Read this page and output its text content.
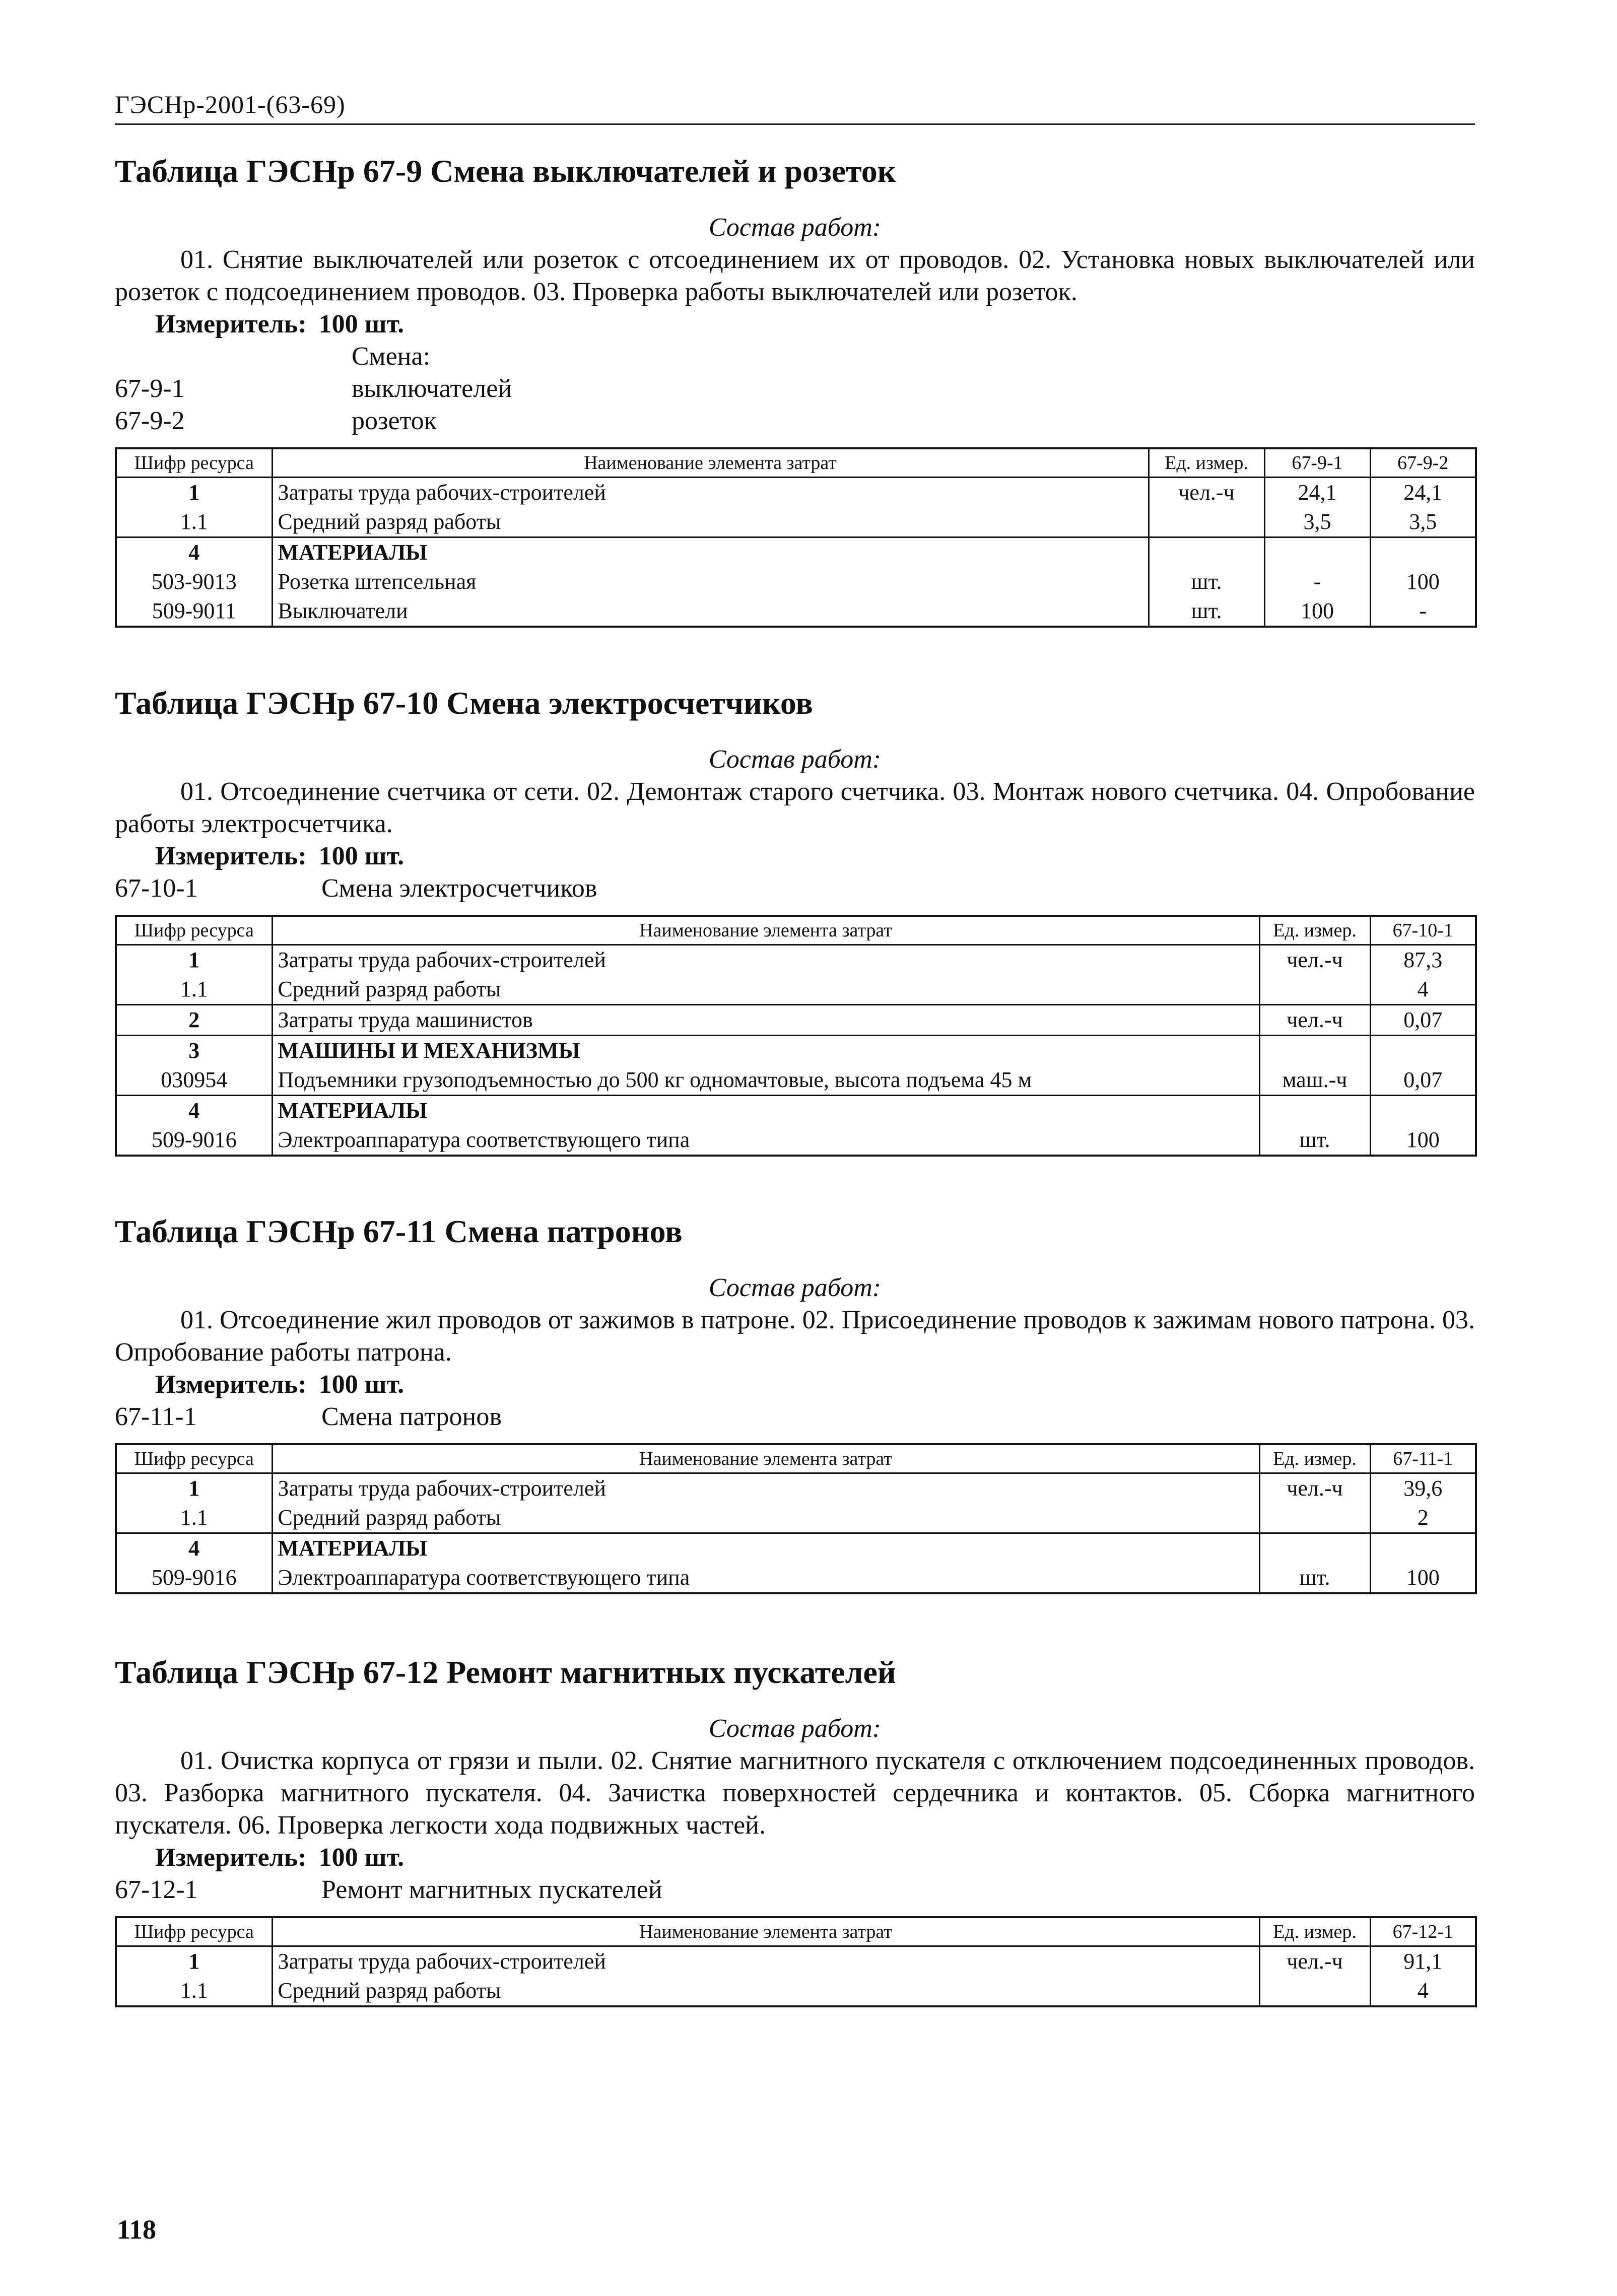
ГЭСНр-2001-(63-69)
Таблица ГЭСНр 67-9 Смена выключателей и розеток
Состав работ:

01. Снятие выключателей или розеток с отсоединением их от проводов. 02. Установка новых выключателей или розеток с подсоединением проводов. 03. Проверка работы выключателей или розеток.

Измеритель: 100 шт.
Смена:
67-9-1	выключателей
67-9-2	розеток
Шифр ресурса	Наименование элемента затрат	Ед. измер.	67-9-1	67-9-2
1	Затраты труда рабочих-строителей	чел.-ч	24,1	24,1
1.1	Средний разряд работы		3,5	3,5
4	МАТЕРИАЛЫ			
503-9013	Розетка штепсельная	шт.	-	100
509-9011	Выключатели	шт.	100	-
Таблица ГЭСНр 67-10 Смена электросчетчиков
Состав работ:

01. Отсоединение счетчика от сети. 02. Демонтаж старого счетчика. 03. Монтаж нового счетчика. 04. Опробование работы электросчетчика.

Измеритель: 100 шт.
67-10-1	Смена электросчетчиков
Шифр ресурса	Наименование элемента затрат	Ед. измер.	67-10-1
1	Затраты труда рабочих-строителей	чел.-ч	87,3
1.1	Средний разряд работы		4
2	Затраты труда машинистов	чел.-ч	0,07
3	МАШИНЫ И МЕХАНИЗМЫ		
030954	Подъемники грузоподъемностью до 500 кг одномачтовые, высота подъема 45 м	маш.-ч	0,07
4	МАТЕРИАЛЫ		
509-9016	Электроаппаратура соответствующего типа	шт.	100
Таблица ГЭСНр 67-11 Смена патронов
Состав работ:

01. Отсоединение жил проводов от зажимов в патроне. 02. Присоединение проводов к зажимам нового патрона. 03. Опробование работы патрона.

Измеритель: 100 шт.
67-11-1	Смена патронов
Шифр ресурса	Наименование элемента затрат	Ед. измер.	67-11-1
1	Затраты труда рабочих-строителей	чел.-ч	39,6
1.1	Средний разряд работы		2
4	МАТЕРИАЛЫ		
509-9016	Электроаппаратура соответствующего типа	шт.	100
Таблица ГЭСНр 67-12 Ремонт магнитных пускателей
Состав работ:

01. Очистка корпуса от грязи и пыли. 02. Снятие магнитного пускателя с отключением подсоединенных проводов. 03. Разборка магнитного пускателя. 04. Зачистка поверхностей сердечника и контактов. 05. Сборка магнитного пускателя. 06. Проверка легкости хода подвижных частей.

Измеритель: 100 шт.
67-12-1	Ремонт магнитных пускателей
Шифр ресурса	Наименование элемента затрат	Ед. измер.	67-12-1
1	Затраты труда рабочих-строителей	чел.-ч	91,1
1.1	Средний разряд работы		4
118
